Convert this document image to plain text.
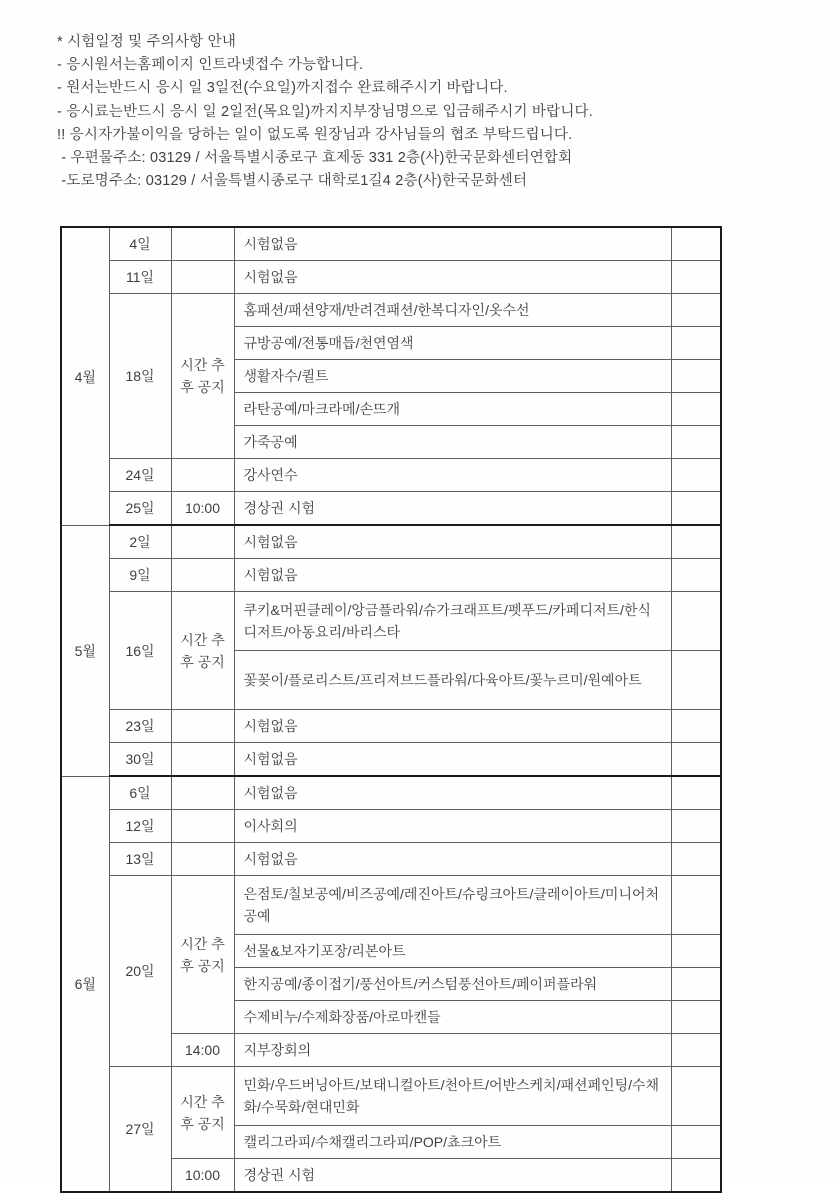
* 시험일정 및 주의사항 안내
- 응시원서는홈페이지 인트라넷접수 가능합니다.
- 원서는반드시 응시 일 3일전(수요일)까지접수 완료해주시기 바랍니다.
- 응시료는반드시 응시 일 2일전(목요일)까지지부장님명으로 입금해주시기 바랍니다.
!! 응시자가불이익을 당하는 일이 없도록 원장님과 강사님들의 협조 부탁드립니다.
- 우편물주소: 03129 / 서울특별시종로구 효제동 331 2층(사)한국문화센터연합회
-도로명주소: 03129 / 서울특별시종로구 대학로1길4 2층(사)한국문화센터
4월	4일		시험없음	
	11일		시험없음	
	18일	시간 추후 공지	홈패션/패션양재/반려견패션/한복디자인/옷수선	
			규방공예/전통매듭/천연염색	
			생활자수/퀼트	
			라탄공예/마크라메/손뜨개	
			가죽공예	
	24일		강사연수	
	25일	10:00	경상권 시험	
5월	2일		시험없음	
	9일		시험없음	
	16일	시간 추후 공지	쿠키&머핀클레이/앙금플라워/슈가크래프트/펫푸드/카페디저트/한식디저트/아동요리/바리스타	
			꽃꽂이/플로리스트/프리져브드플라워/다육아트/꽃누르미/원예아트	
	23일		시험없음	
	30일		시험없음	
6월	6일		시험없음	
	12일		이사회의	
	13일		시험없음	
	20일	시간 추후 공지	은점토/칠보공예/비즈공예/레진아트/슈링크아트/클레이아트/미니어처공예	
			선물&보자기포장/리본아트	
			한지공예/종이접기/풍선아트/커스텀풍선아트/페이퍼플라워	
			수제비누/수제화장품/아로마캔들	
		14:00	지부장회의	
	27일	시간 추후 공지	민화/우드버닝아트/보태니컬아트/천아트/어반스케치/패션페인팅/수채화/수묵화/현대민화	
			캘리그라피/수채캘리그라피/POP/쵸크아트	
		10:00	경상권 시험	
